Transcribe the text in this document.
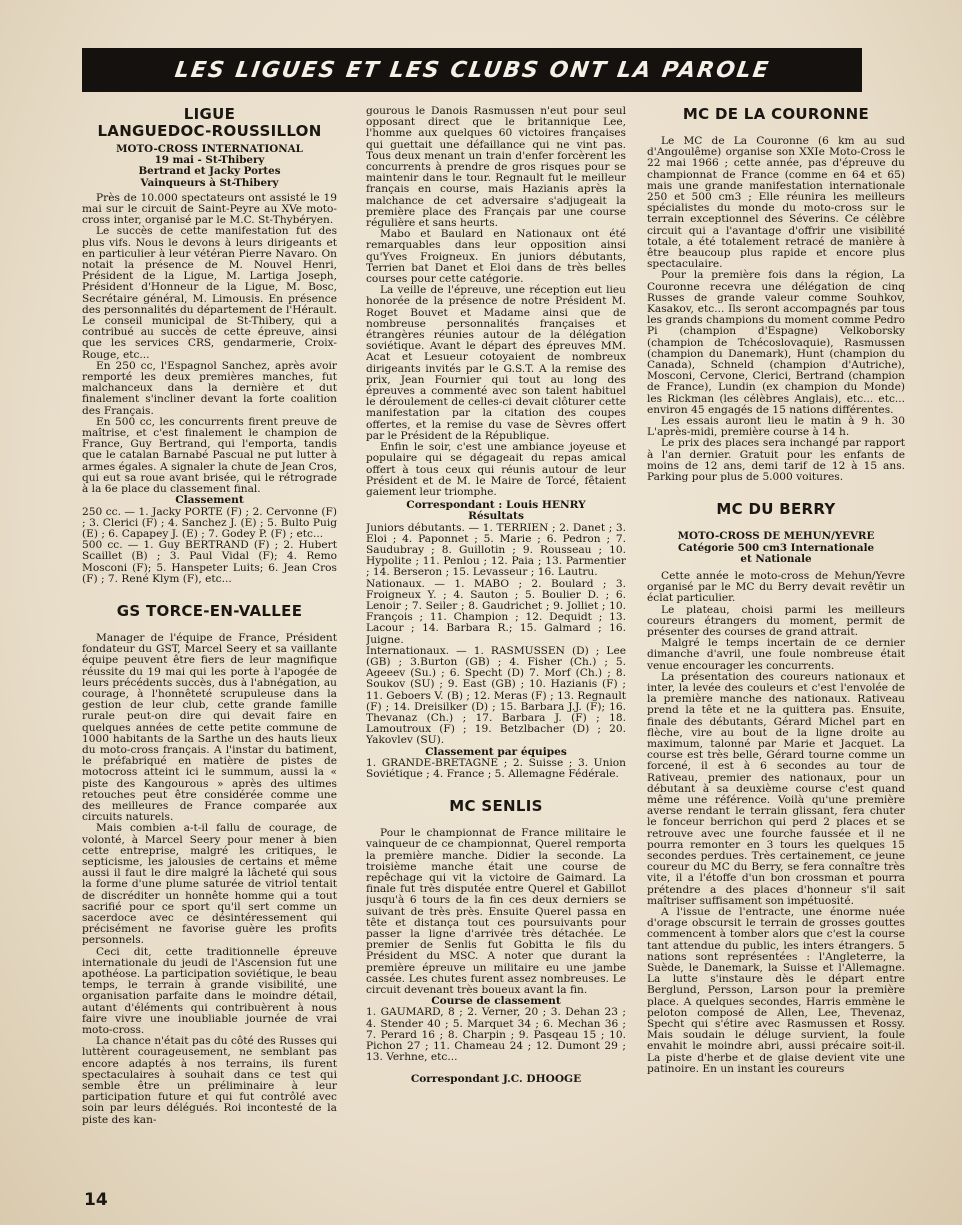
LES LIGUES ET LES CLUBS ONT LA PAROLE
LIGUE
LANGUEDOC-ROUSSILLON
MOTO-CROSS INTERNATIONAL
19 mai - St-Thibery
Bertrand et Jacky Portes
Vainqueurs à St-Thibery

Près de 10.000 spectateurs ont assisté le 19 mai sur le circuit de Saint-Peyre au XVe moto-cross inter, organisé par le M.C. St-Thybéryen.

Le succès de cette manifestation fut des plus vifs. Nous le devons à leurs dirigeants et en particulier à leur vétéran Pierre Navaro. On notait la présence de M. Nouvel Henri, Président de la Ligue, M. Lartiga Joseph, Président d'Honneur de la Ligue, M. Bosc, Secrétaire général, M. Limousis. En présence des personnalités du département de l'Hérault. Le conseil municipal de St-Thibery, qui a contribué au succès de cette épreuve, ainsi que les services CRS, gendarmerie, Croix-Rouge, etc...

En 250 cc, l'Espagnol Sanchez, après avoir remporté les deux premières manches, fut malchanceux dans la dernière et dut finalement s'incliner devant la forte coalition des Français.

En 500 cc, les concurrents firent preuve de maîtrise, et c'est finalement le champion de France, Guy Bertrand, qui l'emporta, tandis que le catalan Barnabé Pascual ne put lutter à armes égales. A signaler la chute de Jean Cros, qui eut sa roue avant brisée, qui le rétrograde à la 6e place du classement final.

Classement

250 cc. — 1. Jacky PORTE (F) ; 2. Cervonne (F) ; 3. Clerici (F) ; 4. Sanchez J. (E) ; 5. Bulto Puig (E) ; 6. Capapey J. (E) ; 7. Godey P. (F) ; etc...

500 cc. — 1. Guy BERTRAND (F) ; 2. Hubert Scaillet (B) ; 3. Paul Vidal (F); 4. Remo Mosconi (F); 5. Hanspeter Luits; 6. Jean Cros (F) ; 7. René Klym (F), etc...

GS TORCE-EN-VALLEE

Manager de l'équipe de France, Président fondateur du GST, Marcel Seery et sa vaillante équipe peuvent être fiers de leur magnifique réussite du 19 mai qui les porte à l'apogée de leurs précédents succès, dus à l'abnégation, au courage, à l'honnêteté scrupuleuse dans la gestion de leur club, cette grande famille rurale peut-on dire qui devait faire en quelques années de cette petite commune de 1000 habitants de la Sarthe un des hauts lieux du moto-cross français. A l'instar du batiment, le préfabriqué en matière de pistes de motocross atteint ici le summum, aussi la « piste des Kangourous » après des ultimes retouches peut être considérée comme une des meilleures de France comparée aux circuits naturels.

Mais combien a-t-il fallu de courage, de volonté, à Marcel Seery pour mener à bien cette entreprise, malgré les critiques, le septicisme, les jalousies de certains et même aussi il faut le dire malgré la lâcheté qui sous la forme d'une plume saturée de vitriol tentait de discréditer un honnête homme qui a tout sacrifié pour ce sport qu'il sert comme un sacerdoce avec ce désintéressement qui précisément ne favorise guère les profits personnels.

Ceci dit, cette traditionnelle épreuve internationale du jeudi de l'Ascension fut une apothéose. La participation soviétique, le beau temps, le terrain à grande visibilité, une organisation parfaite dans le moindre détail, autant d'éléments qui contribuèrent à nous faire vivre une inoubliable journée de vrai moto-cross.

La chance n'était pas du côté des Russes qui luttèrent courageusement, ne semblant pas encore adaptés à nos terrains, ils furent spectaculaires à souhait dans ce test qui semble être un préliminaire à leur participation future et qui fut contrôlé avec soin par leurs délégués. Roi incontesté de la piste des kan-

gourous le Danois Rasmussen n'eut pour seul opposant direct que le britannique Lee, l'homme aux quelques 60 victoires françaises qui guettait une défaillance qui ne vint pas. Tous deux menant un train d'enfer forcèrent les concurrents à prendre de gros risques pour se maintenir dans le tour. Regnault fut le meilleur français en course, mais Hazianis après la malchance de cet adversaire s'adjugeait la première place des Français par une course régulière et sans heurts.

Mabo et Baulard en Nationaux ont été remarquables dans leur opposition ainsi qu'Yves Froigneux. En juniors débutants, Terrien bat Danet et Eloi dans de très belles courses pour cette catégorie.

La veille de l'épreuve, une réception eut lieu honorée de la présence de notre Président M. Roget Bouvet et Madame ainsi que de nombreuse personnalités françaises et étrangères réunies autour de la délégation soviétique. Avant le départ des épreuves MM. Acat et Lesueur cotoyaient de nombreux dirigeants invités par le G.S.T. A la remise des prix, Jean Fournier qui tout au long des épreuves a commenté avec son talent habituel le déroulement de celles-ci devait clôturer cette manifestation par la citation des coupes offertes, et la remise du vase de Sèvres offert par le Président de la République.

Enfin le soir, c'est une ambiance joyeuse et populaire qui se dégageait du repas amical offert à tous ceux qui réunis autour de leur Président et de M. le Maire de Torcé, fêtaient gaiement leur triomphe.

Correspondant : Louis HENRY

Résultats

Juniors débutants. — 1. TERRIEN ; 2. Danet ; 3. Eloi ; 4. Paponnet ; 5. Marie ; 6. Pedron ; 7. Saudubray ; 8. Guillotin ; 9. Rousseau ; 10. Hypolite ; 11. Penlou ; 12. Paia ; 13. Parmentier ; 14. Berseron ; 15. Levasseur ; 16. Lautru.

Nationaux. — 1. MABO ; 2. Boulard ; 3. Froigneux Y. ; 4. Sauton ; 5. Boulier D. ; 6. Lenoir ; 7. Seiler ; 8. Gaudrichet ; 9. Jolliet ; 10. François ; 11. Champion ; 12. Dequidt ; 13. Lacour ; 14. Barbara R.; 15. Galmard ; 16. Juigne.

Internationaux. — 1. RASMUSSEN (D) ; Lee (GB) ; 3.Burton (GB) ; 4. Fisher (Ch.) ; 5. Ageeev (Su.) ; 6. Specht (D) 7. Morf (Ch.) ; 8. Soukov (SU) ; 9. East (GB) ; 10. Hazianis (F) ; 11. Geboers V. (B) ; 12. Meras (F) ; 13. Regnault (F) ; 14. Dreisilker (D) ; 15. Barbara J.J. (F); 16. Thevanaz (Ch.) ; 17. Barbara J. (F) ; 18. Lamoutroux (F) ; 19. Betzlbacher (D) ; 20. Yakovlev (SU).

Classement par équipes

1. GRANDE-BRETAGNE ; 2. Suisse ; 3. Union Soviétique ; 4. France ; 5. Allemagne Fédérale.

MC SENLIS

Pour le championnat de France militaire le vainqueur de ce championnat, Querel remporta la première manche. Didier la seconde. La troisième manche était une course de repêchage qui vit la victoire de Gaimard. La finale fut très disputée entre Querel et Gabillot jusqu'à 6 tours de la fin ces deux derniers se suivant de très près. Ensuite Querel passa en tête et distança tout ces poursuivants pour passer la ligne d'arrivée très détachée. Le premier de Senlis fut Gobitta le fils du Président du MSC. A noter que durant la première épreuve un militaire eu une jambe cassée. Les chutes furent assez nombreuses. Le circuit devenant très boueux avant la fin.

Course de classement

1. GAUMARD, 8 ; 2. Verner, 20 ; 3. Dehan 23 ; 4. Stender 40 ; 5. Marquet 34 ; 6. Mechan 36 ; 7. Perard 16 ; 8. Charpin ; 9. Pasqeau 15 ; 10. Pichon 27 ; 11. Chameau 24 ; 12. Dumont 29 ; 13. Verhne, etc...

Correspondant J.C. DHOOGE

MC DE LA COURONNE

Le MC de La Couronne (6 km au sud d'Angoulême) organise son XXIe Moto-Cross le 22 mai 1966 ; cette année, pas d'épreuve du championnat de France (comme en 64 et 65) mais une grande manifestation internationale 250 et 500 cm3 ; Elle réunira les meilleurs spécialistes du monde du moto-cross sur le terrain exceptionnel des Séverins. Ce célèbre circuit qui a l'avantage d'offrir une visibilité totale, a été totalement retracé de manière à être beaucoup plus rapide et encore plus spectaculaire.

Pour la première fois dans la région, La Couronne recevra une délégation de cinq Russes de grande valeur comme Souhkov, Kasakov, etc... Ils seront accompagnés par tous les grands champions du moment comme Pedro Pi (champion d'Espagne) Velkoborsky (champion de Tchécoslovaquie), Rasmussen (champion du Danemark), Hunt (champion du Canada), Schneld (champion d'Autriche), Mosconi, Cervone, Clerici, Bertrand (champion de France), Lundin (ex champion du Monde) les Rickman (les célèbres Anglais), etc... etc... environ 45 engagés de 15 nations différentes.

Les essais auront lieu le matin à 9 h. 30 L'après-midi, première course à 14 h.

Le prix des places sera inchangé par rapport à l'an dernier. Gratuit pour les enfants de moins de 12 ans, demi tarif de 12 à 15 ans. Parking pour plus de 5.000 voitures.

MC DU BERRY
MOTO-CROSS DE MEHUN/YEVRE
Catégorie 500 cm3 Internationale
et Nationale

Cette année le moto-cross de Mehun/Yevre organisé par le MC du Berry devait revêtir un éclat particulier.

Le plateau, choisi parmi les meilleurs coureurs étrangers du moment, permit de présenter des courses de grand attrait.

Malgré le temps incertain de ce dernier dimanche d'avril, une foule nombreuse était venue encourager les concurrents.

La présentation des coureurs nationaux et inter, la levée des couleurs et c'est l'envolée de la première manche des nationaux. Rativeau prend la tête et ne la quittera pas. Ensuite, finale des débutants, Gérard Michel part en flèche, vire au bout de la ligne droite au maximum, talonné par Marie et Jacquet. La course est très belle, Gérard tourne comme un forcené, il est à 6 secondes au tour de Rativeau, premier des nationaux, pour un débutant à sa deuxième course c'est quand même une référence. Voilà qu'une première averse rendant le terrain glissant, fera chuter le fonceur berrichon qui perd 2 places et se retrouve avec une fourche faussée et il ne pourra remonter en 3 tours les quelques 15 secondes perdues. Très certainement, ce jeune coureur du MC du Berry, se fera connaître très vite, il a l'étoffe d'un bon crossman et pourra prétendre a des places d'honneur s'il sait maîtriser suffisament son impétuosité.

A l'issue de l'entracte, une énorme nuée d'orage obscursit le terrain de grosses gouttes commencent à tomber alors que c'est la course tant attendue du public, les inters étrangers. 5 nations sont représentées : l'Angleterre, la Suède, le Danemark, la Suisse et l'Allemagne. La lutte s'instaure dès le départ entre Berglund, Persson, Larson pour la première place. A quelques secondes, Harris emmène le peloton composé de Allen, Lee, Thevenaz, Specht qui s'étire avec Rasmussen et Rossy. Mais soudain le déluge survient, la foule envahit le moindre abri, aussi précaire soit-il. La piste d'herbe et de glaise devient vite une patinoire. En un instant les coureurs

14
